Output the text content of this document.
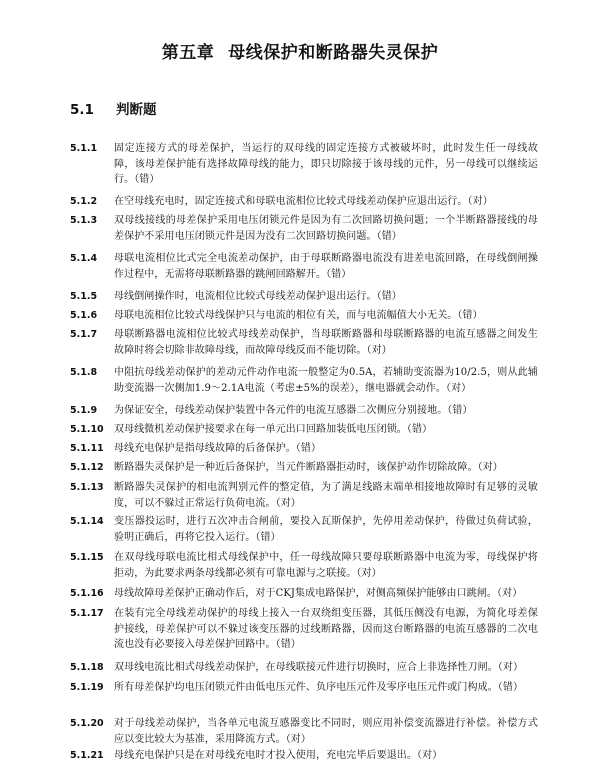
第五章 母线保护和断路器失灵保护
5.1 判断题
5.1.1 固定连接方式的母差保护，当运行的双母线的固定连接方式被破坏时，此时发生任一母线故障，该母差保护能有选择故障母线的能力，即只切除接于该母线的元件，另一母线可以继续运行。（错）
5.1.2 在空母线充电时，固定连接式和母联电流相位比较式母线差动保护应退出运行。（对）
5.1.3 双母线接线的母差保护采用电压闭锁元件是因为有二次回路切换问题；一个半断路器接线的母差保护不采用电压闭锁元件是因为没有二次回路切换问题。（错）
5.1.4 母联电流相位比式完全电流差动保护，由于母联断路器电流没有进差电流回路，在母线倒闸操作过程中，无需将母联断路器的跳闸回路解开。（错）
5.1.5 母线倒闸操作时，电流相位比较式母线差动保护退出运行。（错）
5.1.6 母联电流相位比较式母线保护只与电流的相位有关，而与电流幅值大小无关。（错）
5.1.7 母联断路器电流相位比较式母线差动保护，当母联断路器和母联断路器的电流互感器之间发生故障时将会切除非故障母线，而故障母线反而不能切除。（对）
5.1.8 中阻抗母线差动保护的差动元件动作电流一般整定为0.5A，若辅助变流器为10/2.5，则从此辅助变流器一次侧加1.9～2.1A电流（考虑±5%的误差），继电器就会动作。（对）
5.1.9 为保证安全，母线差动保护装置中各元件的电流互感器二次侧应分别接地。（错）
5.1.10 双母线微机差动保护接要求在每一单元出口回路加装低电压闭锁。（错）
5.1.11 母线充电保护是指母线故障的后备保护。（错）
5.1.12 断路器失灵保护是一种近后备保护，当元件断路器拒动时，该保护动作切除故障。（对）
5.1.13 断路器失灵保护的相电流判别元件的整定值，为了满足线路末端单相接地故障时有足够的灵敏度，可以不躲过正常运行负荷电流。（对）
5.1.14 变压器投运时，进行五次冲击合闸前，要投入瓦斯保护，先停用差动保护，待做过负荷试验，验明正确后，再将它投入运行。（错）
5.1.15 在双母线母联电流比相式母线保护中，任一母线故障只要母联断路器中电流为零，母线保护将拒动，为此要求两条母线都必须有可靠电源与之联接。（对）
5.1.16 母线故障母差保护正确动作后，对于CKJ集成电路保护，对侧高频保护能够由口跳闸。（对）
5.1.17 在装有完全母线差动保护的母线上接入一台双绕组变压器，其低压侧没有电源，为简化母差保护接线，母差保护可以不躲过该变压器的过线断路器，因而这台断路器的电流互感器的二次电流也没有必要接入母差保护回路中。（错）
5.1.18 双母线电流比相式母线差动保护，在母线联接元件进行切换时，应合上非选择性刀闸。（对）
5.1.19 所有母差保护均电压闭锁元件由低电压元件、负序电压元件及零序电压元件或门构成。（错）
5.1.20 对于母线差动保护，当各单元电流互感器变比不同时，则应用补偿变流器进行补偿。补偿方式应以变比较大为基准，采用降流方式。（对）
5.1.21 母线充电保护只是在对母线充电时才投入使用，充电完毕后要退出。（对）
